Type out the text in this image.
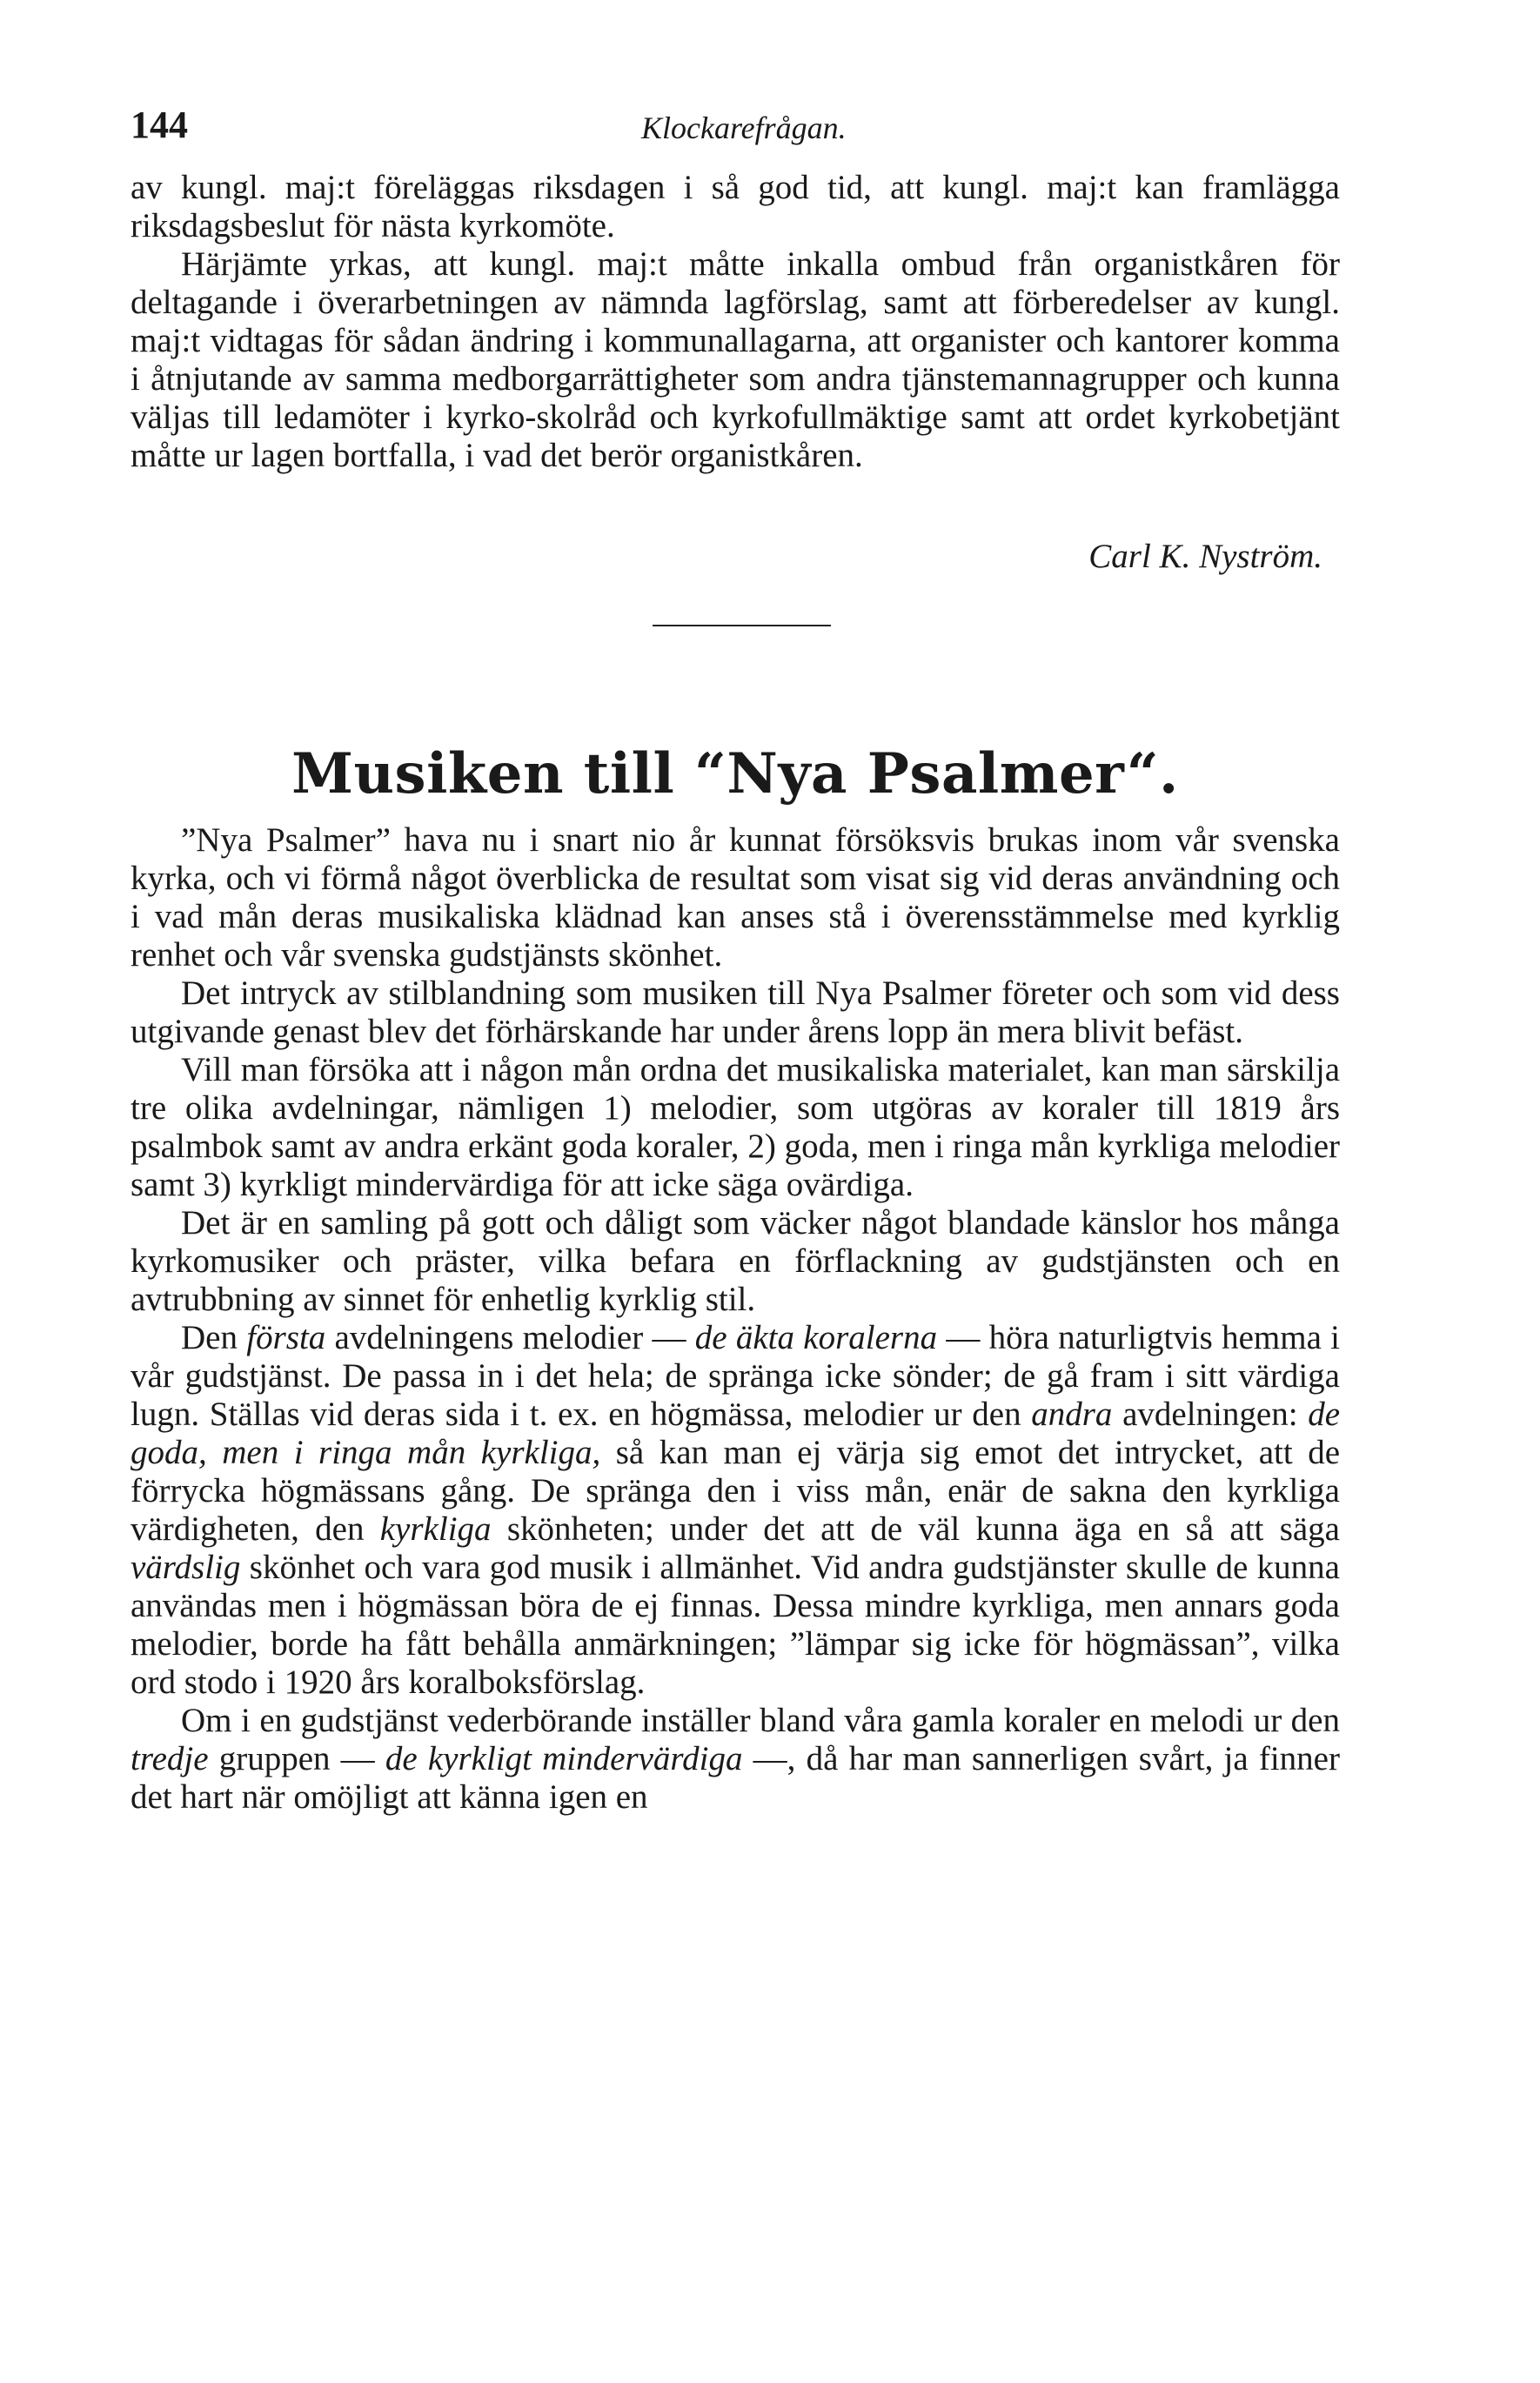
144	Klockarefrågan.

av kungl. maj:t föreläggas riksdagen i så god tid, att kungl. maj:t kan framlägga riksdagsbeslut för nästa kyrkomöte.

Härjämte yrkas, att kungl. maj:t måtte inkalla ombud från organistkåren för deltagande i överarbetningen av nämnda lagförslag, samt att förberedelser av kungl. maj:t vidtagas för sådan ändring i kommunallagarna, att organister och kantorer komma i åtnjutande av samma medborgarrättigheter som andra tjänstemannagrupper och kunna väljas till ledamöter i kyrko-skolråd och kyrkofullmäktige samt att ordet kyrkobetjänt måtte ur lagen bortfalla, i vad det berör organistkåren.

Carl K. Nyström.
Musiken till “Nya Psalmer“.

”Nya Psalmer” hava nu i snart nio år kunnat försöksvis brukas inom vår svenska kyrka, och vi förmå något överblicka de resultat som visat sig vid deras användning och i vad mån deras musikaliska klädnad kan anses stå i överensstämmelse med kyrklig renhet och vår svenska gudstjänsts skönhet.

Det intryck av stilblandning som musiken till Nya Psalmer företer och som vid dess utgivande genast blev det förhärskande har under årens lopp än mera blivit befäst.

Vill man försöka att i någon mån ordna det musikaliska materialet, kan man särskilja tre olika avdelningar, nämligen 1) melodier, som utgöras av koraler till 1819 års psalmbok samt av andra erkänt goda koraler, 2) goda, men i ringa mån kyrkliga melodier samt 3) kyrkligt mindervärdiga för att icke säga ovärdiga.

Det är en samling på gott och dåligt som väcker något blandade känslor hos många kyrkomusiker och präster, vilka befara en förflackning av gudstjänsten och en avtrubbning av sinnet för enhetlig kyrklig stil.

Den första avdelningens melodier — de äkta koralerna — höra naturligtvis hemma i vår gudstjänst. De passa in i det hela; de spränga icke sönder; de gå fram i sitt värdiga lugn. Ställas vid deras sida i t. ex. en högmässa, melodier ur den andra avdelningen: de goda, men i ringa mån kyrkliga, så kan man ej värja sig emot det intrycket, att de förrycka högmässans gång. De spränga den i viss mån, enär de sakna den kyrkliga värdigheten, den kyrkliga skönheten; under det att de väl kunna äga en så att säga värdslig skönhet och vara god musik i allmänhet. Vid andra gudstjänster skulle de kunna användas men i högmässan böra de ej finnas. Dessa mindre kyrkliga, men annars goda melodier, borde ha fått behålla anmärkningen; ”lämpar sig icke för högmässan”, vilka ord stodo i 1920 års koralboksförslag.

Om i en gudstjänst vederbörande inställer bland våra gamla koraler en melodi ur den tredje gruppen — de kyrkligt mindervärdiga —, då har man sannerligen svårt, ja finner det hart när omöjligt att känna igen en
